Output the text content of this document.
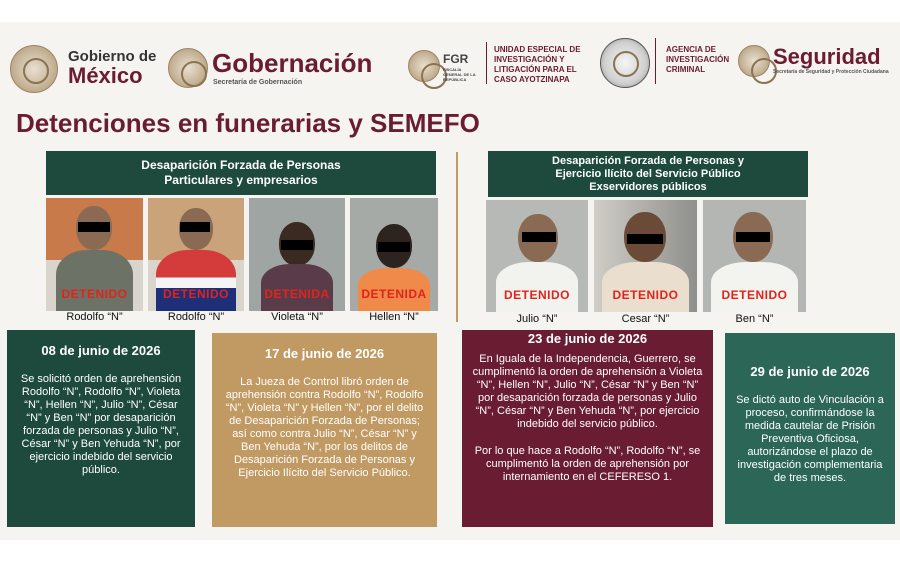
Gobierno de
México	Gobernación
Secretaría de Gobernación
FGR
FISCALÍA GENERAL DE LA REPÚBLICA
UNIDAD ESPECIAL DE
INVESTIGACIÓN Y
LITIGACIÓN PARA EL
CASO AYOTZINAPA
AGENCIA DE
INVESTIGACIÓN
CRIMINAL
Seguridad
Secretaría de Seguridad y Protección Ciudadana
Detenciones en funerarias y SEMEFO
Desaparición Forzada de Personas
Particulares y empresarios
Desaparición Forzada de Personas y
Ejercicio Ilícito del Servicio Público
Exservidores públicos
DETENIDO	DETENIDO	DETENIDA	DETENIDA	DETENIDO	DETENIDO	DETENIDO
Rodolfo “N”	Rodolfo “N”	Violeta “N”	Hellen “N”	Julio “N”	Cesar “N”	Ben “N”
08 de junio de 2026

Se solicitó orden de aprehensión Rodolfo “N”, Rodolfo “N”, Violeta “N”, Hellen “N”, Julio “N”, César “N” y Ben “N” por desaparición forzada de personas y Julio “N”, César “N” y Ben Yehuda “N”, por ejercicio indebido del servicio público.

17 de junio de 2026

La Jueza de Control libró orden de aprehensión contra Rodolfo “N”, Rodolfo “N”, Violeta “N” y Hellen “N”, por el delito de Desaparición Forzada de Personas; así como contra Julio “N”, César “N” y Ben Yehuda “N”, por los delitos de Desaparición Forzada de Personas y Ejercicio Ilícito del Servicio Público.

23 de junio de 2026

En Iguala de la Independencia, Guerrero, se cumplimentó la orden de aprehensión a Violeta “N”, Hellen “N”, Julio “N”, César “N” y Ben “N” por desaparición forzada de personas y Julio “N”, César “N” y Ben Yehuda “N”, por ejercicio indebido del servicio público.

Por lo que hace a Rodolfo “N”, Rodolfo “N”, se cumplimentó la orden de aprehensión por internamiento en el CEFERESO 1.

29 de junio de 2026

Se dictó auto de Vinculación a proceso, confirmándose la medida cautelar de Prisión Preventiva Oficiosa, autorizándose el plazo de investigación complementaria de tres meses.
